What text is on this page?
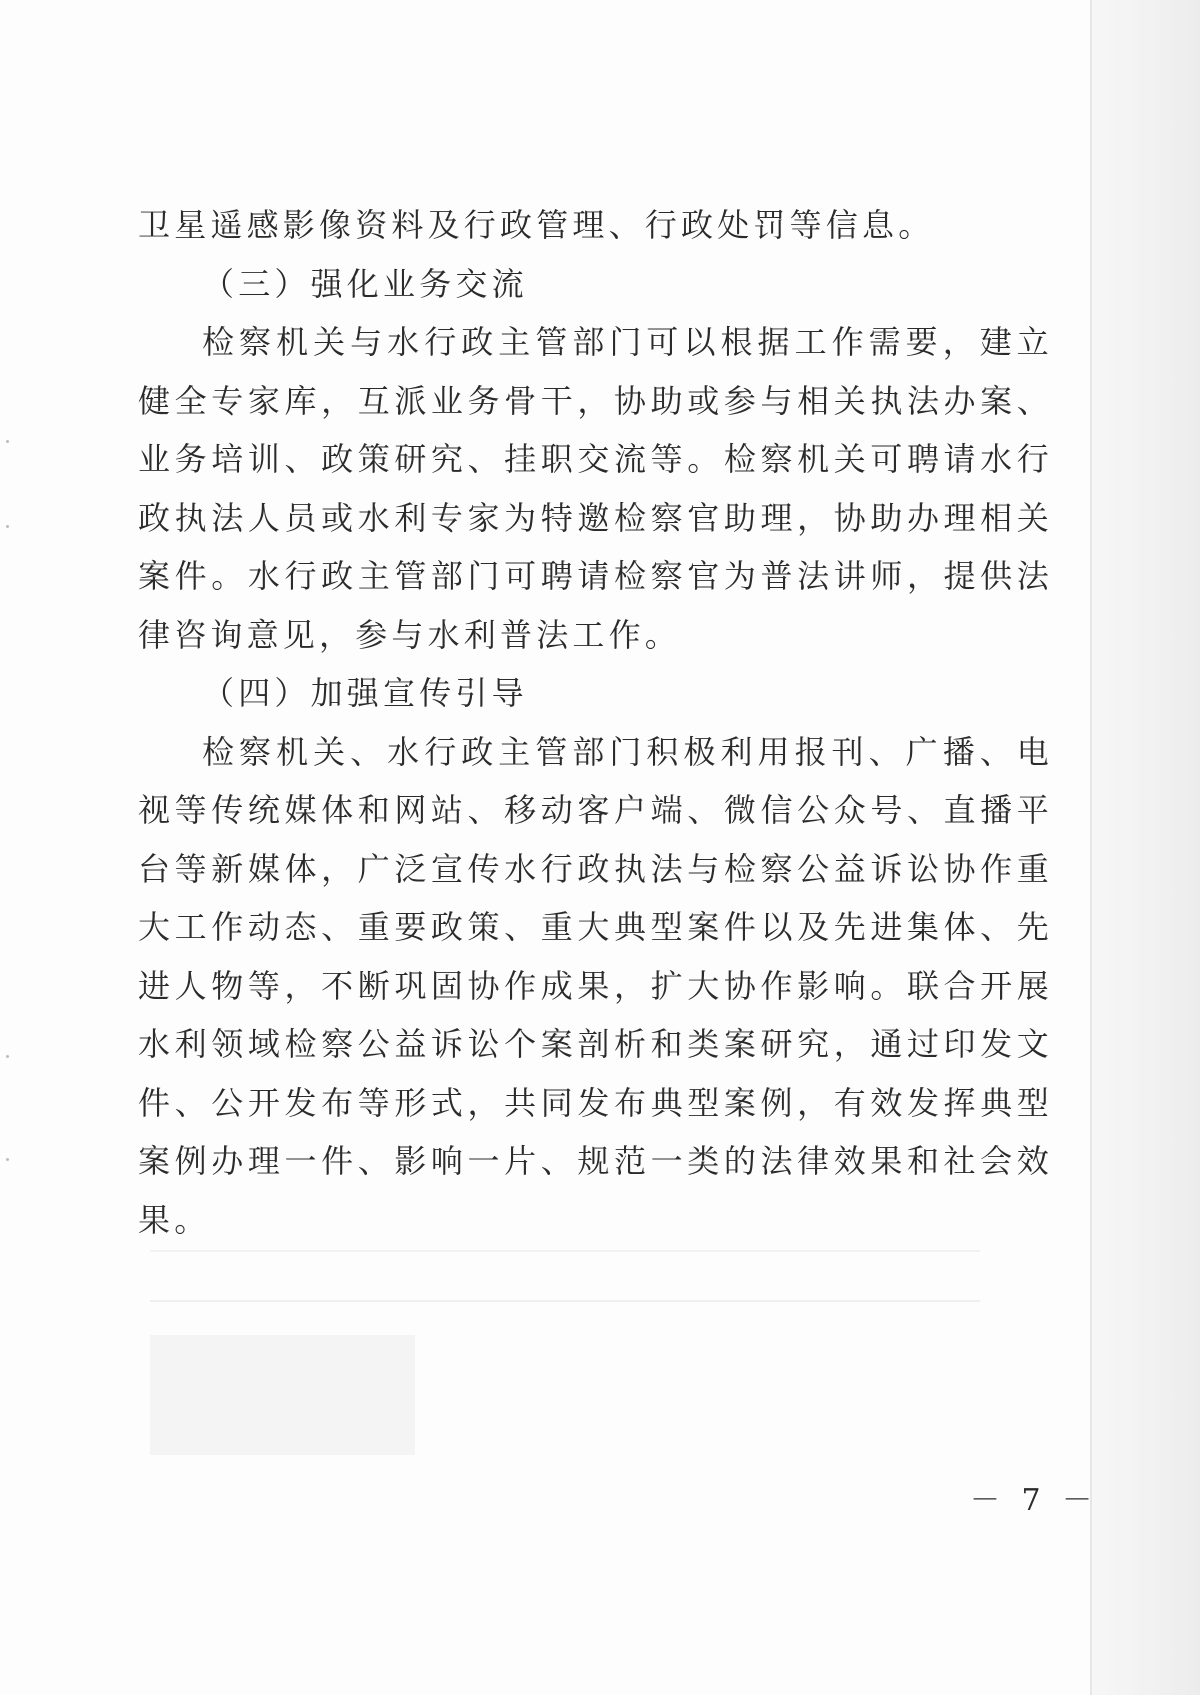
卫星遥感影像资料及行政管理、行政处罚等信息。

（三）强化业务交流

检察机关与水行政主管部门可以根据工作需要，建立健全专家库，互派业务骨干，协助或参与相关执法办案、业务培训、政策研究、挂职交流等。检察机关可聘请水行政执法人员或水利专家为特邀检察官助理，协助办理相关案件。水行政主管部门可聘请检察官为普法讲师，提供法律咨询意见，参与水利普法工作。

（四）加强宣传引导

检察机关、水行政主管部门积极利用报刊、广播、电视等传统媒体和网站、移动客户端、微信公众号、直播平台等新媒体，广泛宣传水行政执法与检察公益诉讼协作重大工作动态、重要政策、重大典型案件以及先进集体、先进人物等，不断巩固协作成果，扩大协作影响。联合开展水利领域检察公益诉讼个案剖析和类案研究，通过印发文件、公开发布等形式，共同发布典型案例，有效发挥典型案例办理一件、影响一片、规范一类的法律效果和社会效果。

－ 7 －
